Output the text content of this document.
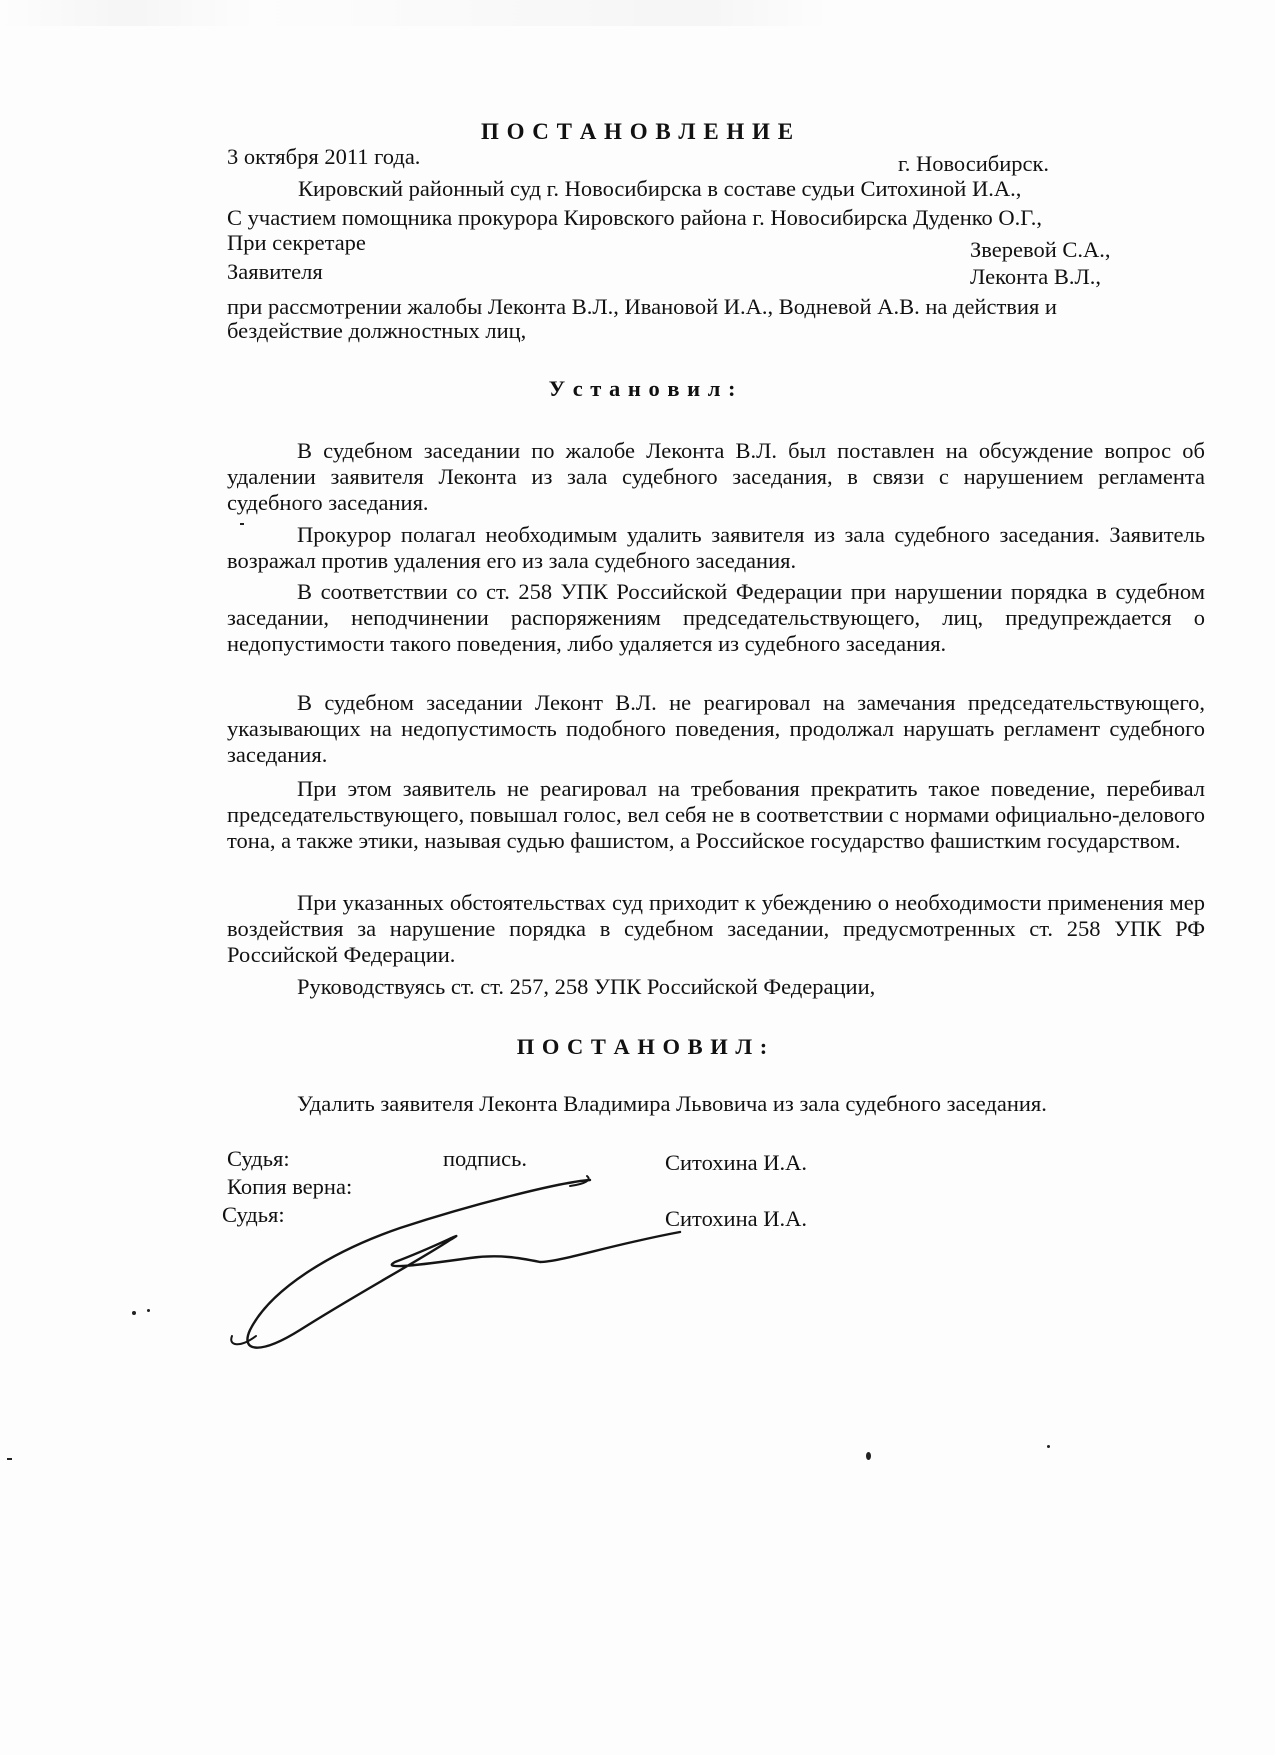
П О С Т А Н О В Л Е Н И Е
3 октября 2011 года.	г. Новосибирск.
Кировский районный суд г. Новосибирска в составе судьи Ситохиной И.А.,
С участием помощника прокурора Кировского района г. Новосибирска Дуденко О.Г.,
При секретаре	Зверевой С.А.,
Заявителя	Леконта В.Л.,
при рассмотрении жалобы Леконта В.Л., Ивановой И.А., Водневой А.В. на действия и
бездействие должностных лиц,
У с т а н о в и л :
В судебном заседании по жалобе Леконта В.Л. был поставлен на обсуждение вопрос об удалении заявителя Леконта из зала судебного заседания, в связи с нарушением регламента судебного заседания.
Прокурор полагал необходимым удалить заявителя из зала судебного заседания. Заявитель возражал против удаления его из зала судебного заседания.
В соответствии со ст. 258 УПК Российской Федерации при нарушении порядка в судебном заседании, неподчинении распоряжениям председательствующего, лиц, предупреждается о недопустимости такого поведения, либо удаляется из судебного заседания.
В судебном заседании Леконт В.Л. не реагировал на замечания председательствующего, указывающих на недопустимость подобного поведения, продолжал нарушать регламент судебного заседания.
При этом заявитель не реагировал на требования прекратить такое поведение, перебивал председательствующего, повышал голос, вел себя не в соответствии с нормами официально-делового тона, а также этики, называя судью фашистом, а Российское государство фашистким государством.
При указанных обстоятельствах суд приходит к убеждению о необходимости применения мер воздействия за нарушение порядка в судебном заседании, предусмотренных ст. 258 УПК РФ Российской Федерации.
Руководствуясь ст. ст. 257, 258 УПК Российской Федерации,
П О С Т А Н О В И Л :
Удалить заявителя Леконта Владимира Львовича из зала судебного заседания.
Судья:	подпись.	Ситохина И.А.
Копия верна:
Судья:	Ситохина И.А.
